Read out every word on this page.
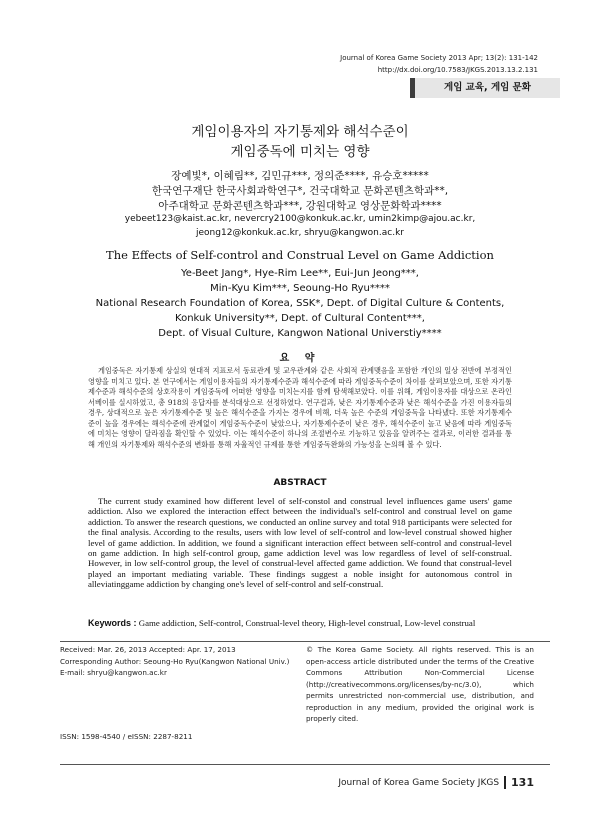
Journal of Korea Game Society 2013 Apr; 13(2): 131-142
http://dx.doi.org/10.7583/JKGS.2013.13.2.131
게임 교육, 게임 문화
게임이용자의 자기통제와 해석수준이
게임중독에 미치는 영향
장예빛*, 이혜림**, 김민규***, 정의준****, 유승호*****
한국연구재단 한국사회과학연구*, 건국대학교 문화콘텐츠학과**,
아주대학교 문화콘텐츠학과***, 강원대학교 영상문화학과****
yebeet123@kaist.ac.kr, nevercry2100@konkuk.ac.kr, umin2kimp@ajou.ac.kr,
jeong12@konkuk.ac.kr, shryu@kangwon.ac.kr
The Effects of Self-control and Construal Level on Game Addiction
Ye-Beet Jang*, Hye-Rim Lee**, Eui-Jun Jeong***,
Min-Kyu Kim***, Seoung-Ho Ryu****
National Research Foundation of Korea, SSK*, Dept. of Digital Culture & Contents,
Konkuk University**, Dept. of Cultural Content***,
Dept. of Visual Culture, Kangwon National Universtiy****
요 약
게임중독은 자기통제 상실의 현대적 지표로서 동료관계 및 교우관계와 같은 사회적 관계맺음을 포함한 개인의 일상 전반에 부정적인 영향을 미치고 있다. 본 연구에서는 게임이용자들의 자기통제수준과 해석수준에 따라 게임중독수준이 차이를 살펴보았으며, 또한 자기통제수준과 해석수준의 상호작용이 게임중독에 어떠한 영향을 미치는지를 함께 탐색해보았다. 이를 위해, 게임이용자를 대상으로 온라인 서베이를 실시하였고, 총 918의 응답자를 분석대상으로 선정하였다. 연구결과, 낮은 자기통제수준과 낮은 해석수준을 가진 이용자들의 경우, 상대적으로 높은 자기통제수준 및 높은 해석수준을 가지는 경우에 비해, 더욱 높은 수준의 게임중독을 나타냈다. 또한 자기통제수준이 높을 경우에는 해석수준에 관계없이 게임중독수준이 낮았으나, 자기통제수준이 낮은 경우, 해석수준이 높고 낮음에 따라 게임중독에 미치는 영향이 달라짐을 확인할 수 있었다. 이는 해석수준이 하나의 조절변수로 기능하고 있음을 알려주는 결과로, 이러한 결과를 통해 개인의 자기통제와 해석수준의 변화를 통해 자율적인 규제를 통한 게임중독완화의 가능성을 논의해 볼 수 있다.
ABSTRACT
The current study examined how different level of self-constol and construal level influences game users' game addiction. Also we explored the interaction effect between the individual's self-control and construal level on game addiction. To answer the research questions, we conducted an online survey and total 918 participants were selected for the final analysis. According to the results, users with low level of self-control and low-level construal showed higher level of game addiction. In addition, we found a significant interaction effect between self-control and construal-level on game addiction. In high self-control group, game addiction level was low regardless of level of self-construal. However, in low self-control group, the level of construal-level affected game addiction. We found that construal-level played an important mediating variable. These findings suggest a noble insight for autonomous control in alleviatinggame addiction by changing one's level of self-control and self-construal.
Keywords : Game addiction, Self-control, Construal-level theory, High-level construal, Low-level construal
Received: Mar. 26, 2013 Accepted: Apr. 17, 2013
Corresponding Author: Seoung-Ho Ryu(Kangwon National Univ.)
E-mail: shryu@kangwon.ac.kr
ISSN: 1598-4540 / eISSN: 2287-8211
© The Korea Game Society. All rights reserved. This is an open-access article distributed under the terms of the Creative Commons Attribution Non-Commercial License (http://creativecommons.org/licenses/by-nc/3.0), which permits unrestricted non-commercial use, distribution, and reproduction in any medium, provided the original work is properly cited.
Journal of Korea Game Society JKGS 131
